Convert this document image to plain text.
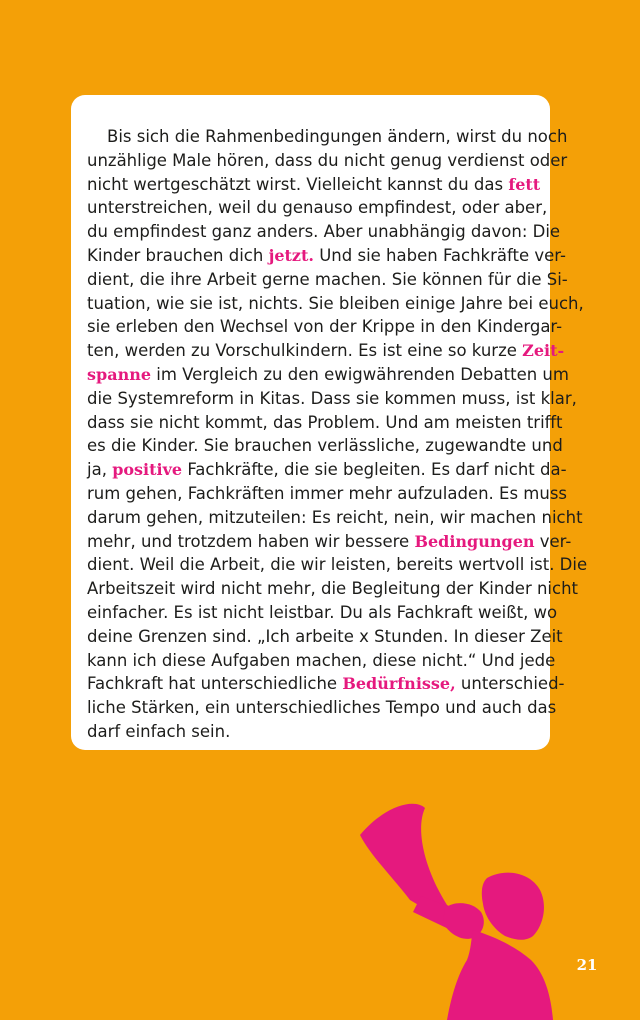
Bis sich die Rahmenbedingungen ändern, wirst du noch
unzählige Male hören, dass du nicht genug verdienst oder
nicht wertgeschätzt wirst. Vielleicht kannst du das fett
unterstreichen, weil du genauso empfindest, oder aber,
du empfindest ganz anders. Aber unabhängig davon: Die
Kinder brauchen dich jetzt. Und sie haben Fachkräfte ver-
dient, die ihre Arbeit gerne machen. Sie können für die Si-
tuation, wie sie ist, nichts. Sie bleiben einige Jahre bei euch,
sie erleben den Wechsel von der Krippe in den Kindergar-
ten, werden zu Vorschulkindern. Es ist eine so kurze Zeit-
spanne im Vergleich zu den ewigwährenden Debatten um
die Systemreform in Kitas. Dass sie kommen muss, ist klar,
dass sie nicht kommt, das Problem. Und am meisten trifft
es die Kinder. Sie brauchen verlässliche, zugewandte und
ja, positive Fachkräfte, die sie begleiten. Es darf nicht da-
rum gehen, Fachkräften immer mehr aufzuladen. Es muss
darum gehen, mitzuteilen: Es reicht, nein, wir machen nicht
mehr, und trotzdem haben wir bessere Bedingungen ver-
dient. Weil die Arbeit, die wir leisten, bereits wertvoll ist. Die
Arbeitszeit wird nicht mehr, die Begleitung der Kinder nicht
einfacher. Es ist nicht leistbar. Du als Fachkraft weißt, wo
deine Grenzen sind. „Ich arbeite x Stunden. In dieser Zeit
kann ich diese Aufgaben machen, diese nicht.“ Und jede
Fachkraft hat unterschiedliche Bedürfnisse, unterschied-
liche Stärken, ein unterschiedliches Tempo und auch das
darf einfach sein.
21
